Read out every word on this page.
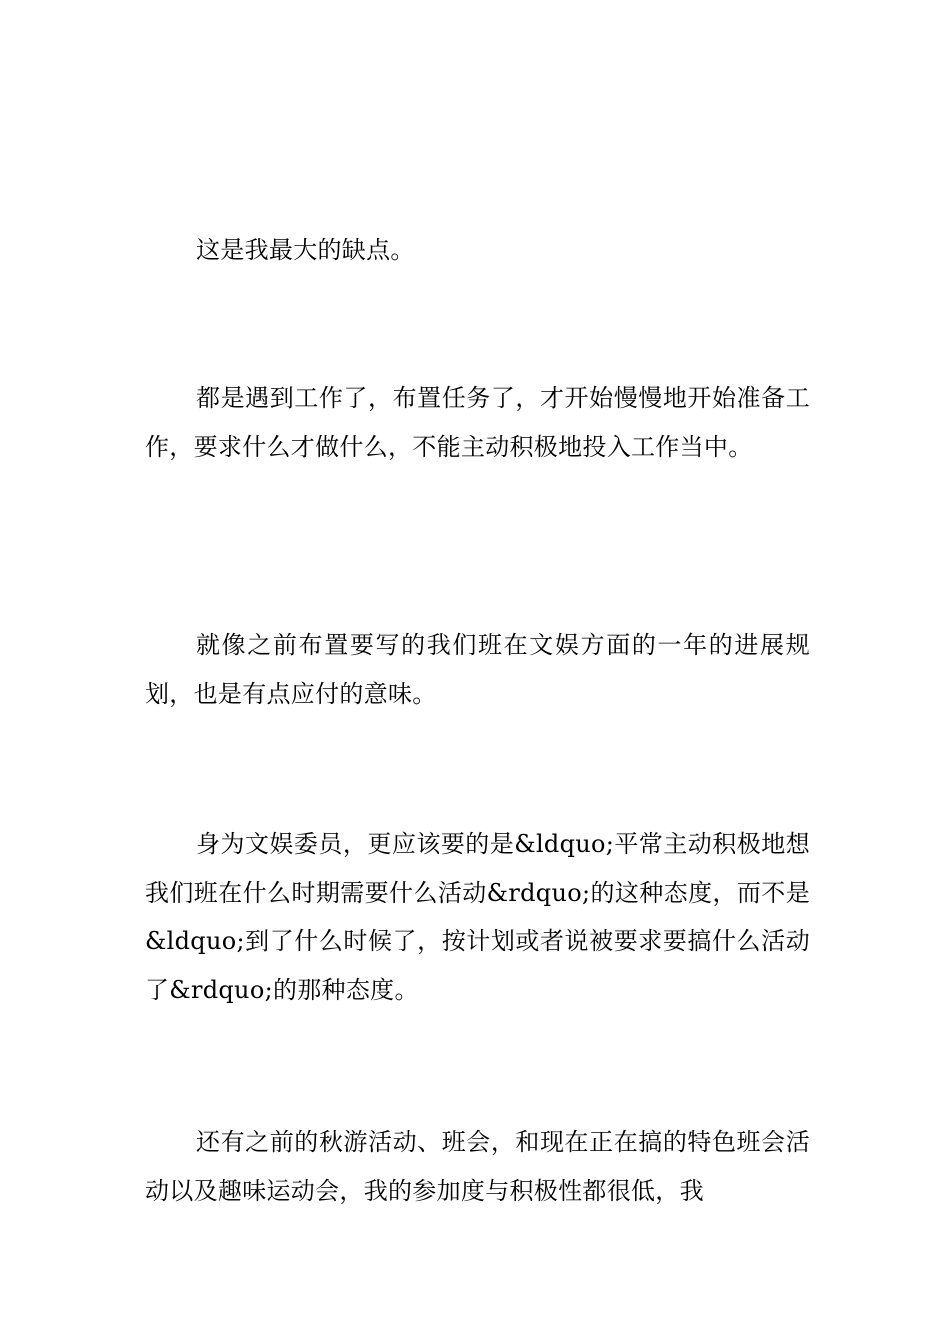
这是我最大的缺点。

都是遇到工作了，布置任务了，才开始慢慢地开始准备工作，要求什么才做什么，不能主动积极地投入工作当中。

就像之前布置要写的我们班在文娱方面的一年的进展规划，也是有点应付的意味。

身为文娱委员，更应该要的是&ldquo;平常主动积极地想我们班在什么时期需要什么活动&rdquo;的这种态度，而不是&ldquo;到了什么时候了，按计划或者说被要求要搞什么活动了&rdquo;的那种态度。

还有之前的秋游活动、班会，和现在正在搞的特色班会活动以及趣味运动会，我的参加度与积极性都很低，我
